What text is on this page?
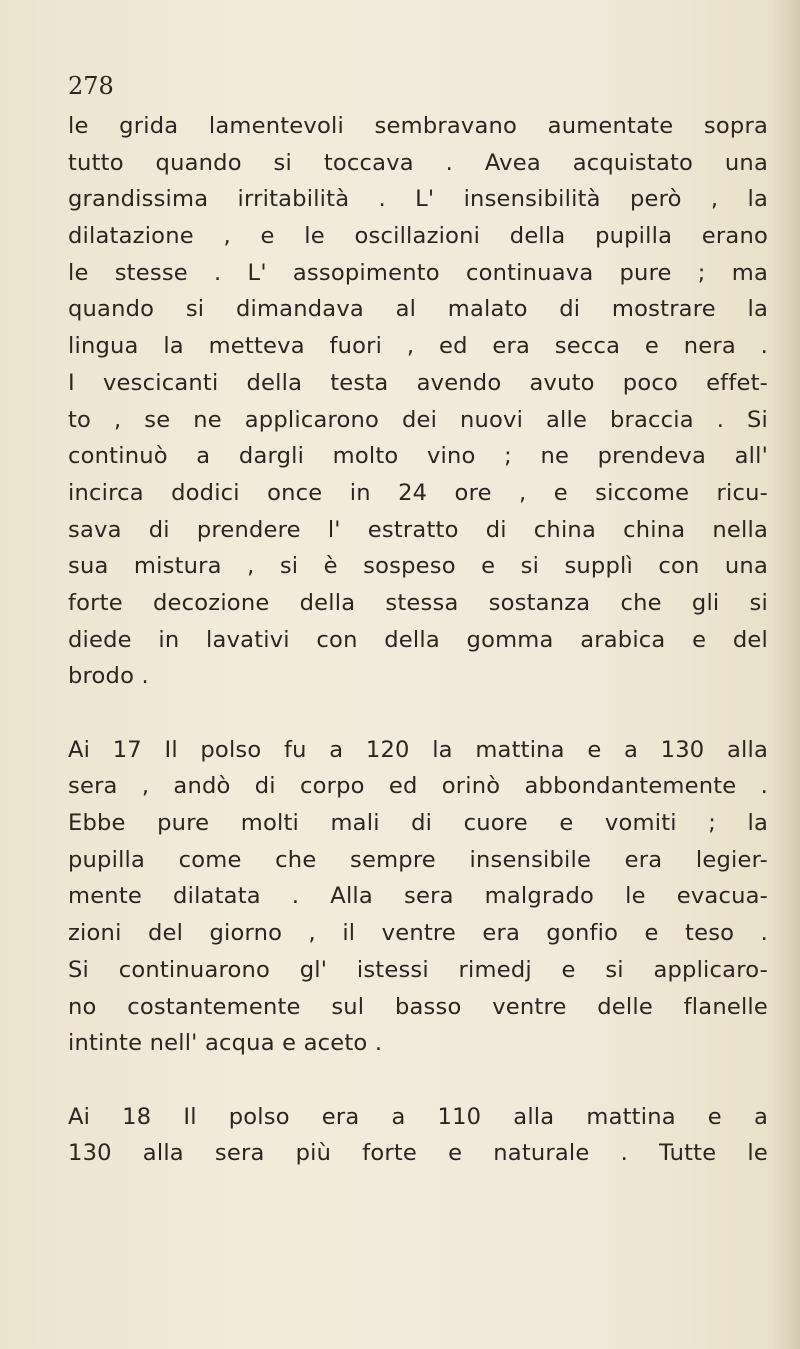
278
le grida lamentevoli sembravano aumentate sopra
tutto quando si toccava . Avea acquistato una
grandissima irritabilità . L' insensibilità però , la
dilatazione , e le oscillazioni della pupilla erano
le stesse . L' assopimento continuava pure ; ma
quando si dimandava al malato di mostrare la
lingua la metteva fuori , ed era secca e nera .
I vescicanti della testa avendo avuto poco effet-
to , se ne applicarono dei nuovi alle braccia . Si
continuò a dargli molto vino ; ne prendeva all'
incirca dodici once in 24 ore , e siccome ricu-
sava di prendere l' estratto di china china nella
sua mistura , si è sospeso e si supplì con una
forte decozione della stessa sostanza che gli si
diede in lavativi con della gomma arabica e del
brodo .
Ai 17 Il polso fu a 120 la mattina e a 130 alla
sera , andò di corpo ed orinò abbondantemente .
Ebbe pure molti mali di cuore e vomiti ; la
pupilla come che sempre insensibile era legier-
mente dilatata . Alla sera malgrado le evacua-
zioni del giorno , il ventre era gonfio e teso .
Si continuarono gl' istessi rimedj e si applicaro-
no costantemente sul basso ventre delle flanelle
intinte nell' acqua e aceto .
Ai 18 Il polso era a 110 alla mattina e a
130 alla sera più forte e naturale . Tutte le
